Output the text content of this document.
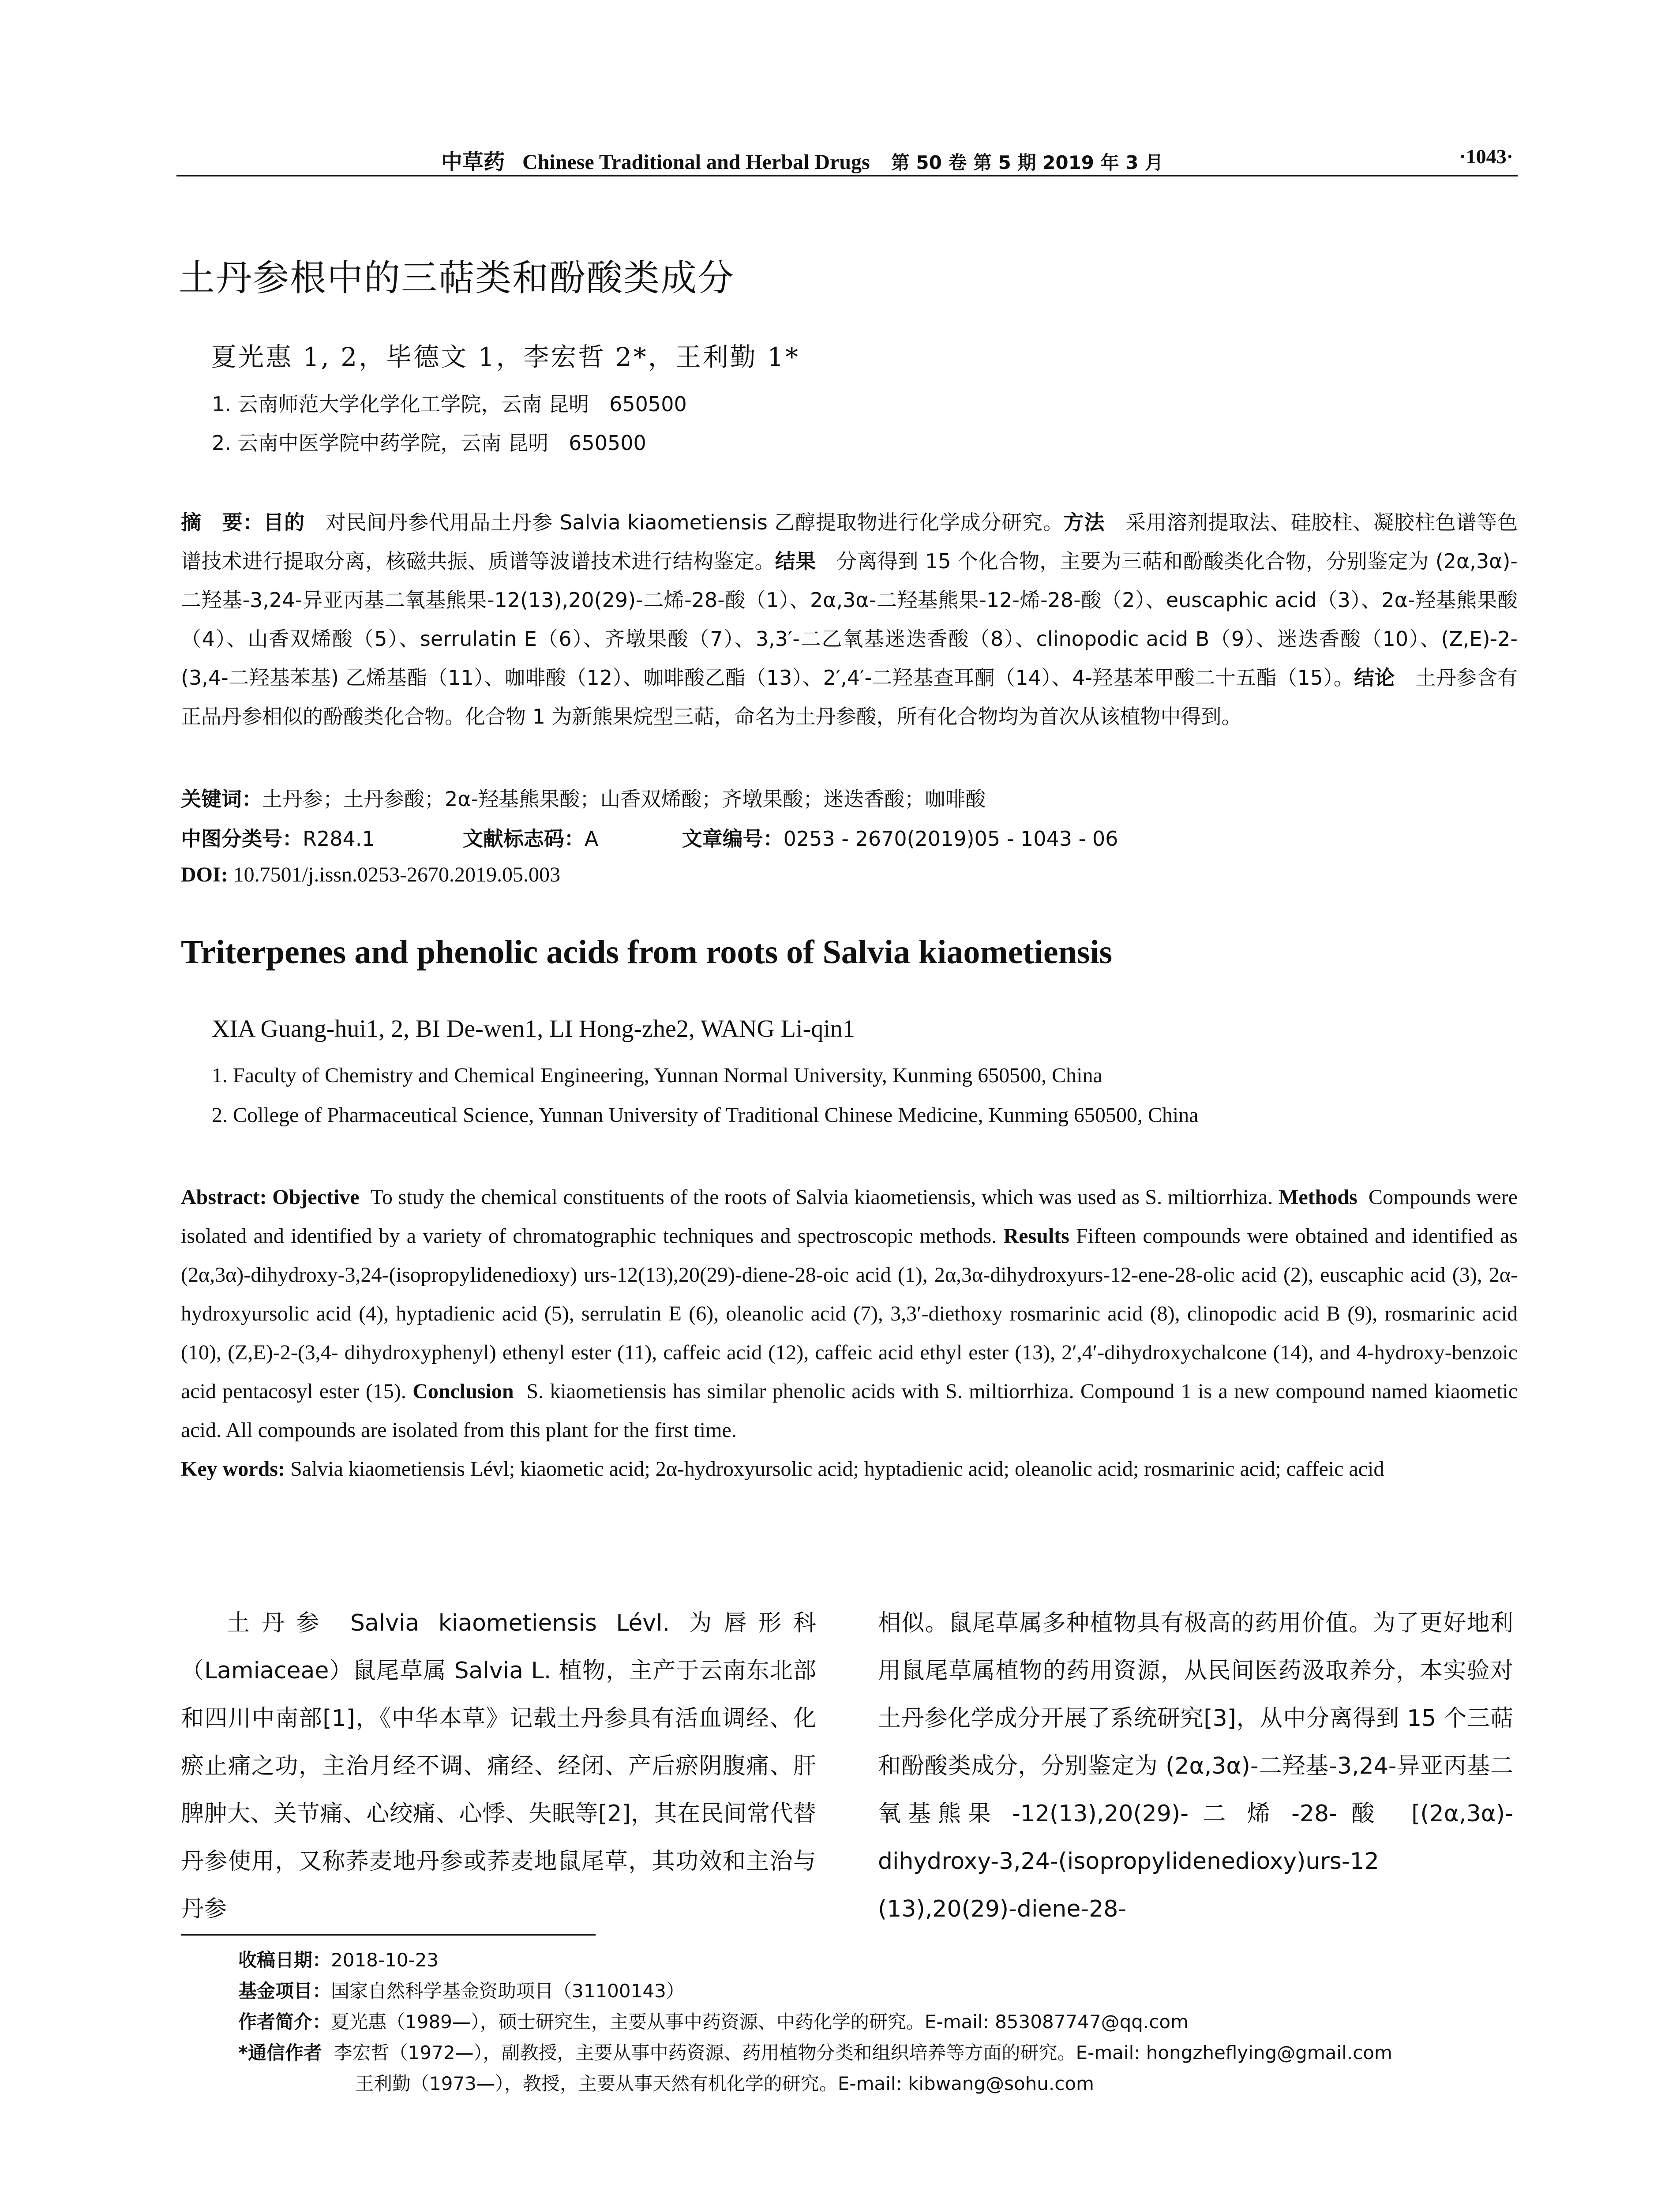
中草药 Chinese Traditional and Herbal Drugs 第 50 卷 第 5 期 2019 年 3 月	·1043·
土丹参根中的三萜类和酚酸类成分
夏光惠 1, 2，毕德文 1，李宏哲 2*，王利勤 1*
1. 云南师范大学化学化工学院，云南 昆明　650500
2. 云南中医学院中药学院，云南 昆明　650500
摘　要：目的　 对民间丹参代用品土丹参 Salvia kiaometiensis 乙醇提取物进行化学成分研究。方法　 采用溶剂提取法、硅胶柱、凝胶柱色谱等色谱技术进行提取分离，核磁共振、质谱等波谱技术进行结构鉴定。结果　 分离得到 15 个化合物，主要为三萜和酚酸类化合物，分别鉴定为 (2α,3α)-二羟基-3,24-异亚丙基二氧基熊果-12(13),20(29)-二烯-28-酸（1）、2α,3α-二羟基熊果-12-烯-28-酸（2）、euscaphic acid（3）、2α-羟基熊果酸（4）、山香双烯酸（5）、serrulatin E（6）、齐墩果酸（7）、3,3′-二乙氧基迷迭香酸（8）、clinopodic acid B（9）、迷迭香酸（10）、(Z,E)-2-(3,4-二羟基苯基) 乙烯基酯（11）、咖啡酸（12）、咖啡酸乙酯（13）、2′,4′-二羟基查耳酮（14）、4-羟基苯甲酸二十五酯（15）。结论　 土丹参含有正品丹参相似的酚酸类化合物。化合物 1 为新熊果烷型三萜，命名为土丹参酸，所有化合物均为首次从该植物中得到。
关键词：土丹参；土丹参酸；2α-羟基熊果酸；山香双烯酸；齐墩果酸；迷迭香酸；咖啡酸
中图分类号：R284.1	文献标志码：A	文章编号：0253 - 2670(2019)05 - 1043 - 06
DOI: 10.7501/j.issn.0253-2670.2019.05.003
Triterpenes and phenolic acids from roots of Salvia kiaometiensis
XIA Guang-hui1, 2, BI De-wen1, LI Hong-zhe2, WANG Li-qin1
1. Faculty of Chemistry and Chemical Engineering, Yunnan Normal University, Kunming 650500, China
2. College of Pharmaceutical Science, Yunnan University of Traditional Chinese Medicine, Kunming 650500, China
Abstract: Objective To study the chemical constituents of the roots of Salvia kiaometiensis, which was used as S. miltiorrhiza. Methods Compounds were isolated and identified by a variety of chromatographic techniques and spectroscopic methods. Results Fifteen compounds were obtained and identified as (2α,3α)-dihydroxy-3,24-(isopropylidenedioxy) urs-12(13),20(29)-diene-28-oic acid (1), 2α,3α-dihydroxyurs-12-ene-28-olic acid (2), euscaphic acid (3), 2α-hydroxyursolic acid (4), hyptadienic acid (5), serrulatin E (6), oleanolic acid (7), 3,3′-diethoxy rosmarinic acid (8), clinopodic acid B (9), rosmarinic acid (10), (Z,E)-2-(3,4- dihydroxyphenyl) ethenyl ester (11), caffeic acid (12), caffeic acid ethyl ester (13), 2′,4′-dihydroxychalcone (14), and 4-hydroxy-benzoic acid pentacosyl ester (15). Conclusion S. kiaometiensis has similar phenolic acids with S. miltiorrhiza. Compound 1 is a new compound named kiaometic acid. All compounds are isolated from this plant for the first time.
Key words: Salvia kiaometiensis Lévl; kiaometic acid; 2α-hydroxyursolic acid; hyptadienic acid; oleanolic acid; rosmarinic acid; caffeic acid
土丹参 Salvia kiaometiensis Lévl. 为唇形科（Lamiaceae）鼠尾草属 Salvia L. 植物，主产于云南东北部和四川中南部[1]，《中华本草》记载土丹参具有活血调经、化瘀止痛之功，主治月经不调、痛经、经闭、产后瘀阴腹痛、肝脾肿大、关节痛、心绞痛、心悸、失眠等[2]，其在民间常代替丹参使用，又称荞麦地丹参或荞麦地鼠尾草，其功效和主治与丹参
相似。鼠尾草属多种植物具有极高的药用价值。为了更好地利用鼠尾草属植物的药用资源，从民间医药汲取养分，本实验对土丹参化学成分开展了系统研究[3]，从中分离得到 15 个三萜和酚酸类成分，分别鉴定为 (2α,3α)-二羟基-3,24-异亚丙基二氧基熊果 -12(13),20(29)- 二 烯 -28- 酸　[(2α,3α)-dihydroxy-3,24-(isopropylidenedioxy)urs-12 (13),20(29)-diene-28-
收稿日期：2018-10-23
基金项目：国家自然科学基金资助项目（31100143）
作者简介：夏光惠（1989—），硕士研究生，主要从事中药资源、中药化学的研究。E-mail: 853087747@qq.com
*通信作者 李宏哲（1972—），副教授，主要从事中药资源、药用植物分类和组织培养等方面的研究。E-mail: hongzheflying@gmail.com
王利勤（1973—），教授，主要从事天然有机化学的研究。E-mail: kibwang@sohu.com
